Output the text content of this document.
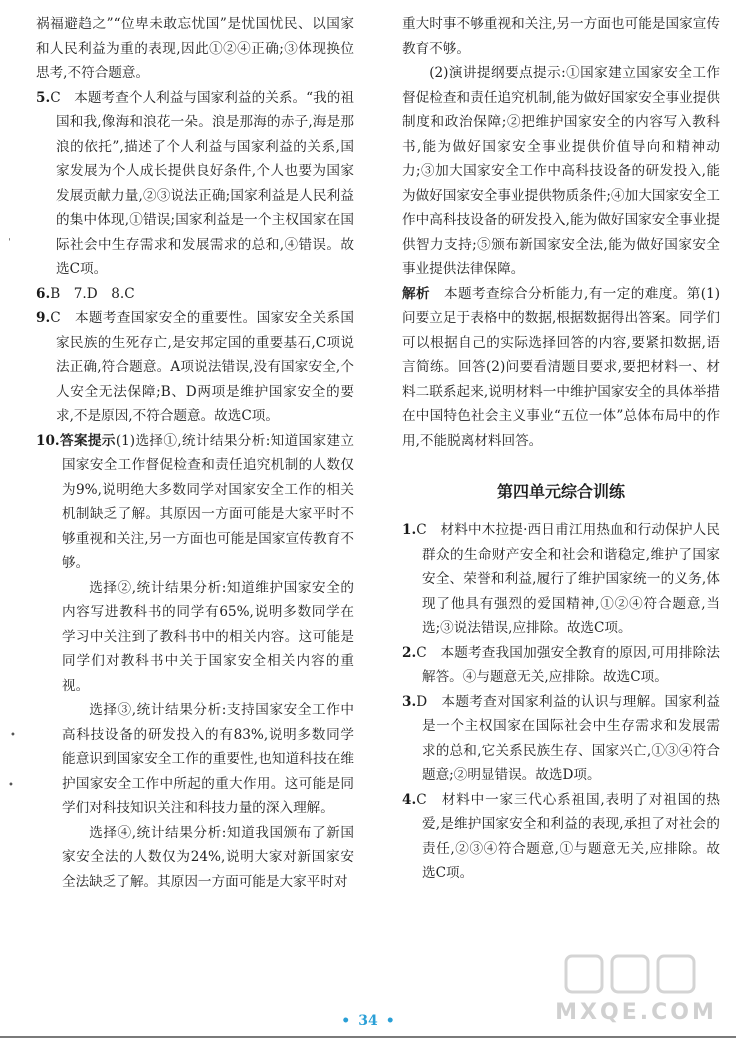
祸福避趋之”“位卑未敢忘忧国”是忧国忧民、以国家和人民利益为重的表现,因此①②④正确;③体现换位思考,不符合题意。

5.C　本题考查个人利益与国家利益的关系。“我的祖国和我,像海和浪花一朵。浪是那海的赤子,海是那浪的依托”,描述了个人利益与国家利益的关系,国家发展为个人成长提供良好条件,个人也要为国家发展贡献力量,②③说法正确;国家利益是人民利益的集中体现,①错误;国家利益是一个主权国家在国际社会中生存需求和发展需求的总和,④错误。故选C项。

6.B　7.D　8.C

9.C　本题考查国家安全的重要性。国家安全关系国家民族的生死存亡,是安邦定国的重要基石,C项说法正确,符合题意。A项说法错误,没有国家安全,个人安全无法保障;B、D两项是维护国家安全的要求,不是原因,不符合题意。故选C项。

10.答案提示(1)选择①,统计结果分析:知道国家建立国家安全工作督促检查和责任追究机制的人数仅为9%,说明绝大多数同学对国家安全工作的相关机制缺乏了解。其原因一方面可能是大家平时不够重视和关注,另一方面也可能是国家宣传教育不够。

选择②,统计结果分析:知道维护国家安全的内容写进教科书的同学有65%,说明多数同学在学习中关注到了教科书中的相关内容。这可能是同学们对教科书中关于国家安全相关内容的重视。

选择③,统计结果分析:支持国家安全工作中高科技设备的研发投入的有83%,说明多数同学能意识到国家安全工作的重要性,也知道科技在维护国家安全工作中所起的重大作用。这可能是同学们对科技知识关注和科技力量的深入理解。

选择④,统计结果分析:知道我国颁布了新国家安全法的人数仅为24%,说明大家对新国家安全法缺乏了解。其原因一方面可能是大家平时对

重大时事不够重视和关注,另一方面也可能是国家宣传教育不够。

(2)演讲提纲要点提示:①国家建立国家安全工作督促检查和责任追究机制,能为做好国家安全事业提供制度和政治保障;②把维护国家安全的内容写入教科书,能为做好国家安全事业提供价值导向和精神动力;③加大国家安全工作中高科技设备的研发投入,能为做好国家安全事业提供物质条件;④加大国家安全工作中高科技设备的研发投入,能为做好国家安全事业提供智力支持;⑤颁布新国家安全法,能为做好国家安全事业提供法律保障。

解析　 本题考查综合分析能力,有一定的难度。第(1)问要立足于表格中的数据,根据数据得出答案。同学们可以根据自己的实际选择回答的内容,要紧扣数据,语言简练。回答(2)问要看清题目要求,要把材料一、材料二联系起来,说明材料一中维护国家安全的具体举措在中国特色社会主义事业“五位一体”总体布局中的作用,不能脱离材料回答。

第四单元综合训练

1.C　材料中木拉提·西日甫江用热血和行动保护人民群众的生命财产安全和社会和谐稳定,维护了国家安全、荣誉和利益,履行了维护国家统一的义务,体现了他具有强烈的爱国精神,①②④符合题意,当选;③说法错误,应排除。故选C项。

2.C　本题考查我国加强安全教育的原因,可用排除法解答。④与题意无关,应排除。故选C项。

3.D　本题考查对国家利益的认识与理解。国家利益是一个主权国家在国际社会中生存需求和发展需求的总和,它关系民族生存、国家兴亡,①③④符合题意;②明显错误。故选D项。

4.C　材料中一家三代心系祖国,表明了对祖国的热爱,是维护国家安全和利益的表现,承担了对社会的责任,②③④符合题意,①与题意无关,应排除。故选C项。

ˈ
•
•
MXQE.COM
• 34 •
